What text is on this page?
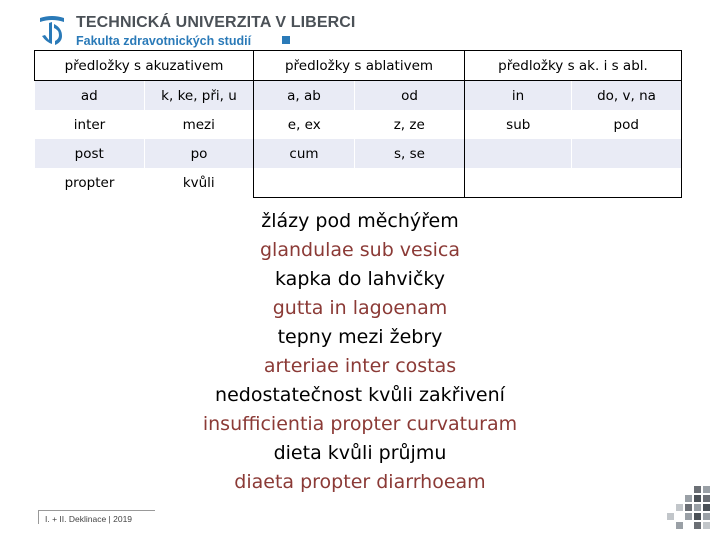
TECHNICKÁ UNIVERZITA V LIBERCI
Fakulta zdravotnických studií
předložky s akuzativem		předložky s ablativem		předložky s ak. i s abl.	
ad	k, ke, při, u	a, ab	od	in	do, v, na
inter	mezi	e, ex	z, ze	sub	pod
post	po	cum	s, se		
propter	kvůli				
žlázy pod měchýřem
glandulae sub vesica
kapka do lahvičky
gutta in lagoenam
tepny mezi žebry
arteriae inter costas
nedostatečnost kvůli zakřivení
insufficientia propter curvaturam
dieta kvůli průjmu
diaeta propter diarrhoeam
I. + II. Deklinace | 2019
